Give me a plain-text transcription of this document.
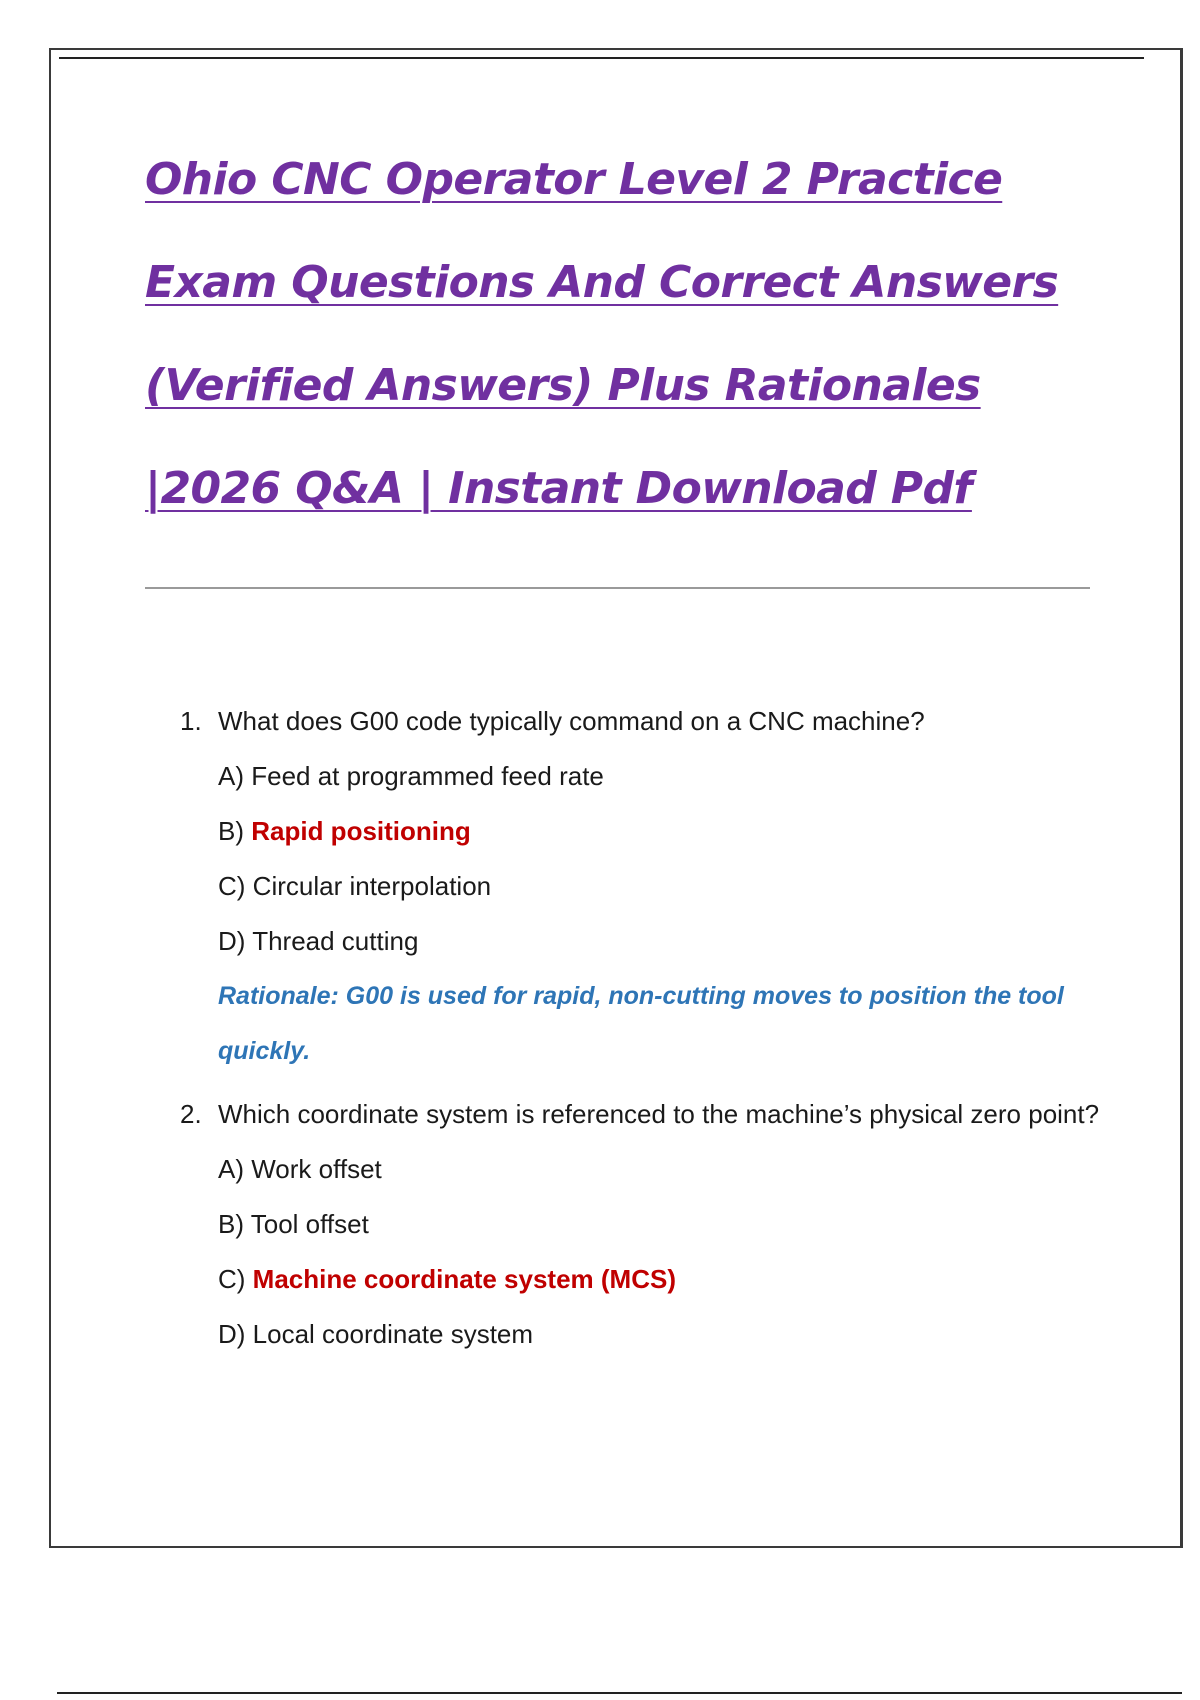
Ohio CNC Operator Level 2 Practice
Exam Questions And Correct Answers
(Verified Answers) Plus Rationales
|2026 Q&A | Instant Download Pdf
1. What does G00 code typically command on a CNC machine?
A) Feed at programmed feed rate
B) Rapid positioning
C) Circular interpolation
D) Thread cutting
Rationale: G00 is used for rapid, non-cutting moves to position the tool quickly.
2. Which coordinate system is referenced to the machine’s physical zero point?
A) Work offset
B) Tool offset
C) Machine coordinate system (MCS)
D) Local coordinate system
